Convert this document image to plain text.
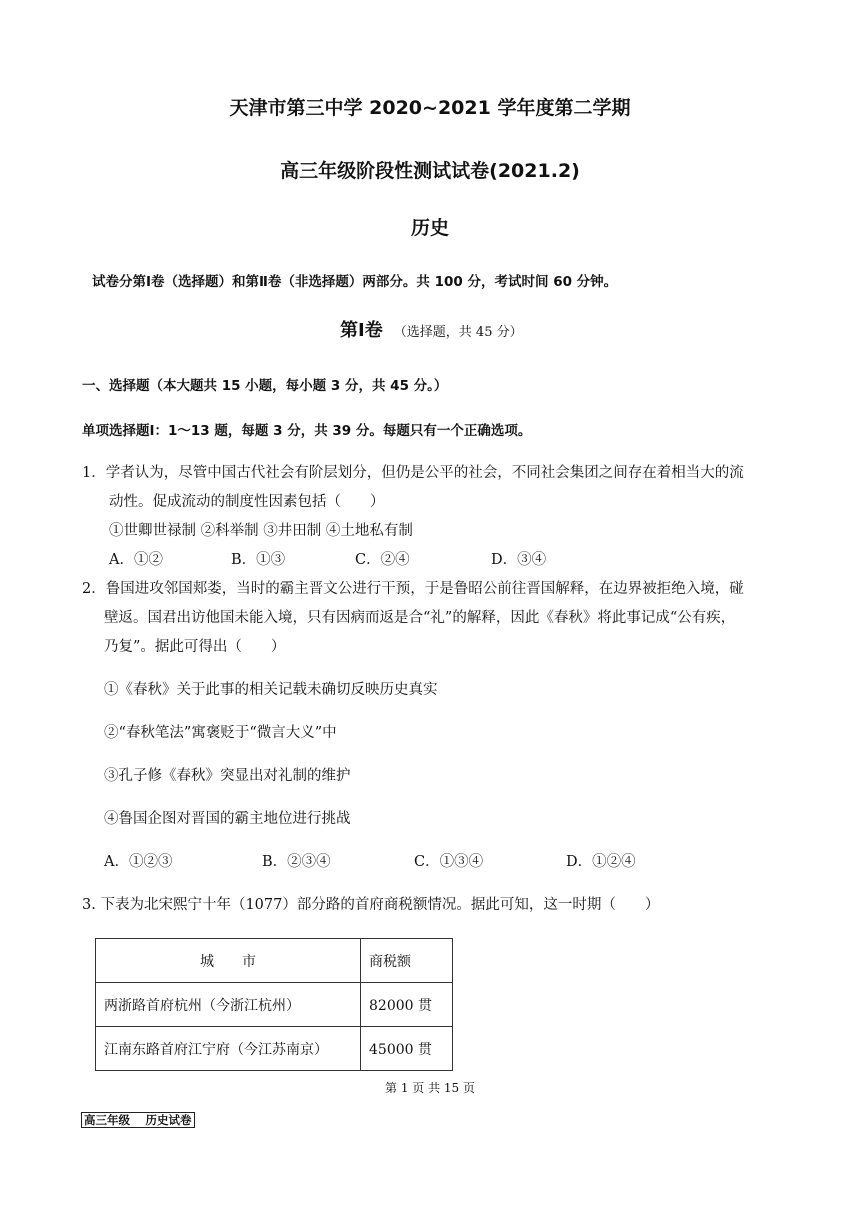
天津市第三中学 2020~2021 学年度第二学期
高三年级阶段性测试试卷(2021.2)
历史
试卷分第Ⅰ卷（选择题）和第Ⅱ卷（非选择题）两部分。共 100 分，考试时间 60 分钟。
第Ⅰ卷 （选择题，共 45 分）
一、选择题（本大题共 15 小题，每小题 3 分，共 45 分。）
单项选择题Ⅰ：1～13 题，每题 3 分，共 39 分。每题只有一个正确选项。
1．学者认为，尽管中国古代社会有阶层划分，但仍是公平的社会，不同社会集团之间存在着相当大的流
动性。促成流动的制度性因素包括（　　）
①世卿世禄制 ②科举制 ③井田制 ④土地私有制
A．①②	B．①③	C．②④	D．③④
2．鲁国进攻邻国郏娄，当时的霸主晋文公进行干预，于是鲁昭公前往晋国解释，在边界被拒绝入境，碰
壁返。国君出访他国未能入境，只有因病而返是合“礼”的解释，因此《春秋》将此事记成“公有疾，
乃复”。据此可得出（　　）
①《春秋》关于此事的相关记载未确切反映历史真实
②“春秋笔法”寓褒贬于“微言大义”中
③孔子修《春秋》突显出对礼制的维护
④鲁国企图对晋国的霸主地位进行挑战
A．①②③	B．②③④	C．①③④	D．①②④
3. 下表为北宋熙宁十年（1077）部分路的首府商税额情况。据此可知，这一时期（　　）
城　　市	商税额
两浙路首府杭州（今浙江杭州）	82000 贯
江南东路首府江宁府（今江苏南京）	45000 贯
第 1 页 共 15 页
高三年级　 历史试卷
